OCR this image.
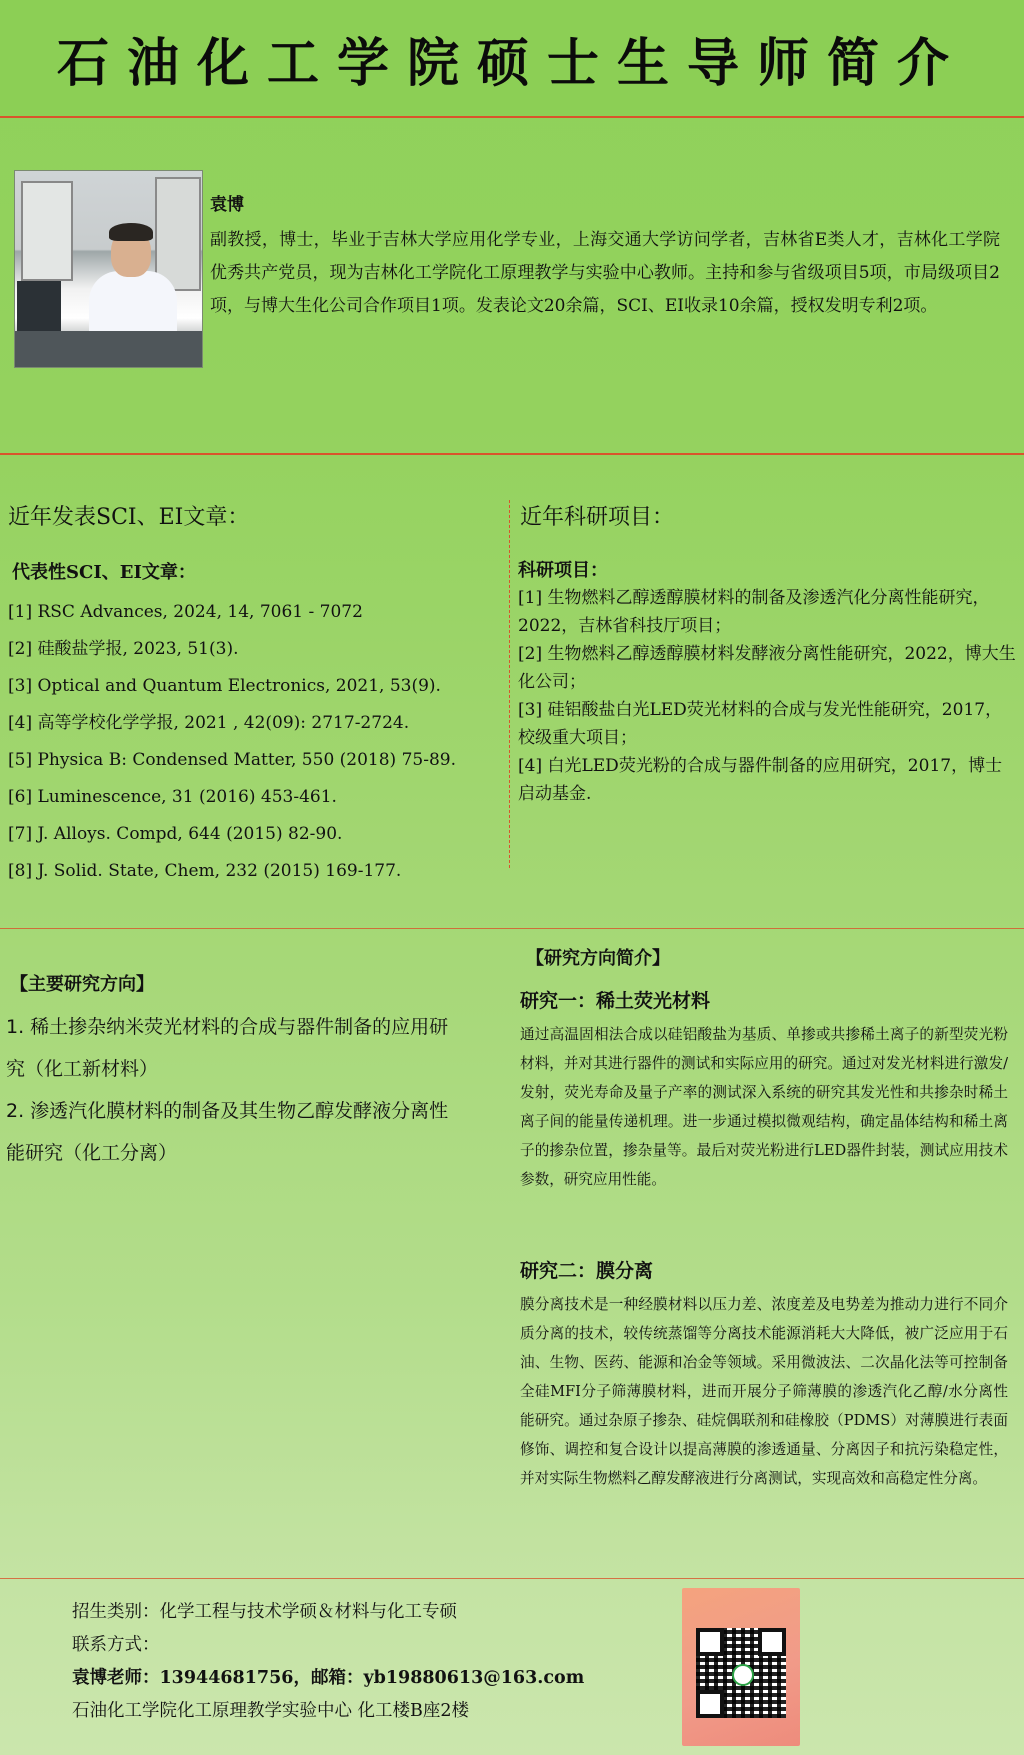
石油化工学院硕士生导师简介
袁博
副教授，博士，毕业于吉林大学应用化学专业，上海交通大学访问学者，吉林省E类人才，吉林化工学院优秀共产党员，现为吉林化工学院化工原理教学与实验中心教师。主持和参与省级项目5项，市局级项目2项，与博大生化公司合作项目1项。发表论文20余篇，SCI、EI收录10余篇，授权发明专利2项。
近年发表SCI、EI文章：
代表性SCI、EI文章：
[1] RSC Advances, 2024, 14, 7061 - 7072
[2] 硅酸盐学报, 2023, 51(3).
[3] Optical and Quantum Electronics, 2021, 53(9).
[4] 高等学校化学学报, 2021 , 42(09): 2717-2724.
[5] Physica B: Condensed Matter, 550 (2018) 75-89.
[6] Luminescence, 31 (2016) 453-461.
[7] J. Alloys. Compd, 644 (2015) 82-90.
[8] J. Solid. State, Chem, 232 (2015) 169-177.
近年科研项目：
科研项目：
[1] 生物燃料乙醇透醇膜材料的制备及渗透汽化分离性能研究，2022，吉林省科技厅项目；
[2] 生物燃料乙醇透醇膜材料发酵液分离性能研究，2022，博大生化公司；
[3] 硅铝酸盐白光LED荧光材料的合成与发光性能研究，2017，校级重大项目；
[4] 白光LED荧光粉的合成与器件制备的应用研究，2017，博士启动基金.
【主要研究方向】
1. 稀土掺杂纳米荧光材料的合成与器件制备的应用研究（化工新材料）
2. 渗透汽化膜材料的制备及其生物乙醇发酵液分离性能研究（化工分离）
【研究方向简介】
研究一：稀土荧光材料
通过高温固相法合成以硅铝酸盐为基质、单掺或共掺稀土离子的新型荧光粉材料，并对其进行器件的测试和实际应用的研究。通过对发光材料进行激发/发射，荧光寿命及量子产率的测试深入系统的研究其发光性和共掺杂时稀土离子间的能量传递机理。进一步通过模拟微观结构，确定晶体结构和稀土离子的掺杂位置，掺杂量等。最后对荧光粉进行LED器件封装，测试应用技术参数，研究应用性能。
研究二：膜分离
膜分离技术是一种经膜材料以压力差、浓度差及电势差为推动力进行不同介质分离的技术，较传统蒸馏等分离技术能源消耗大大降低，被广泛应用于石油、生物、医药、能源和冶金等领域。采用微波法、二次晶化法等可控制备全硅MFI分子筛薄膜材料，进而开展分子筛薄膜的渗透汽化乙醇/水分离性能研究。通过杂原子掺杂、硅烷偶联剂和硅橡胶（PDMS）对薄膜进行表面修饰、调控和复合设计以提高薄膜的渗透通量、分离因子和抗污染稳定性，并对实际生物燃料乙醇发酵液进行分离测试，实现高效和高稳定性分离。
招生类别：化学工程与技术学硕＆材料与化工专硕
联系方式：
袁博老师：13944681756，邮箱：yb19880613@163.com
石油化工学院化工原理教学实验中心 化工楼B座2楼
